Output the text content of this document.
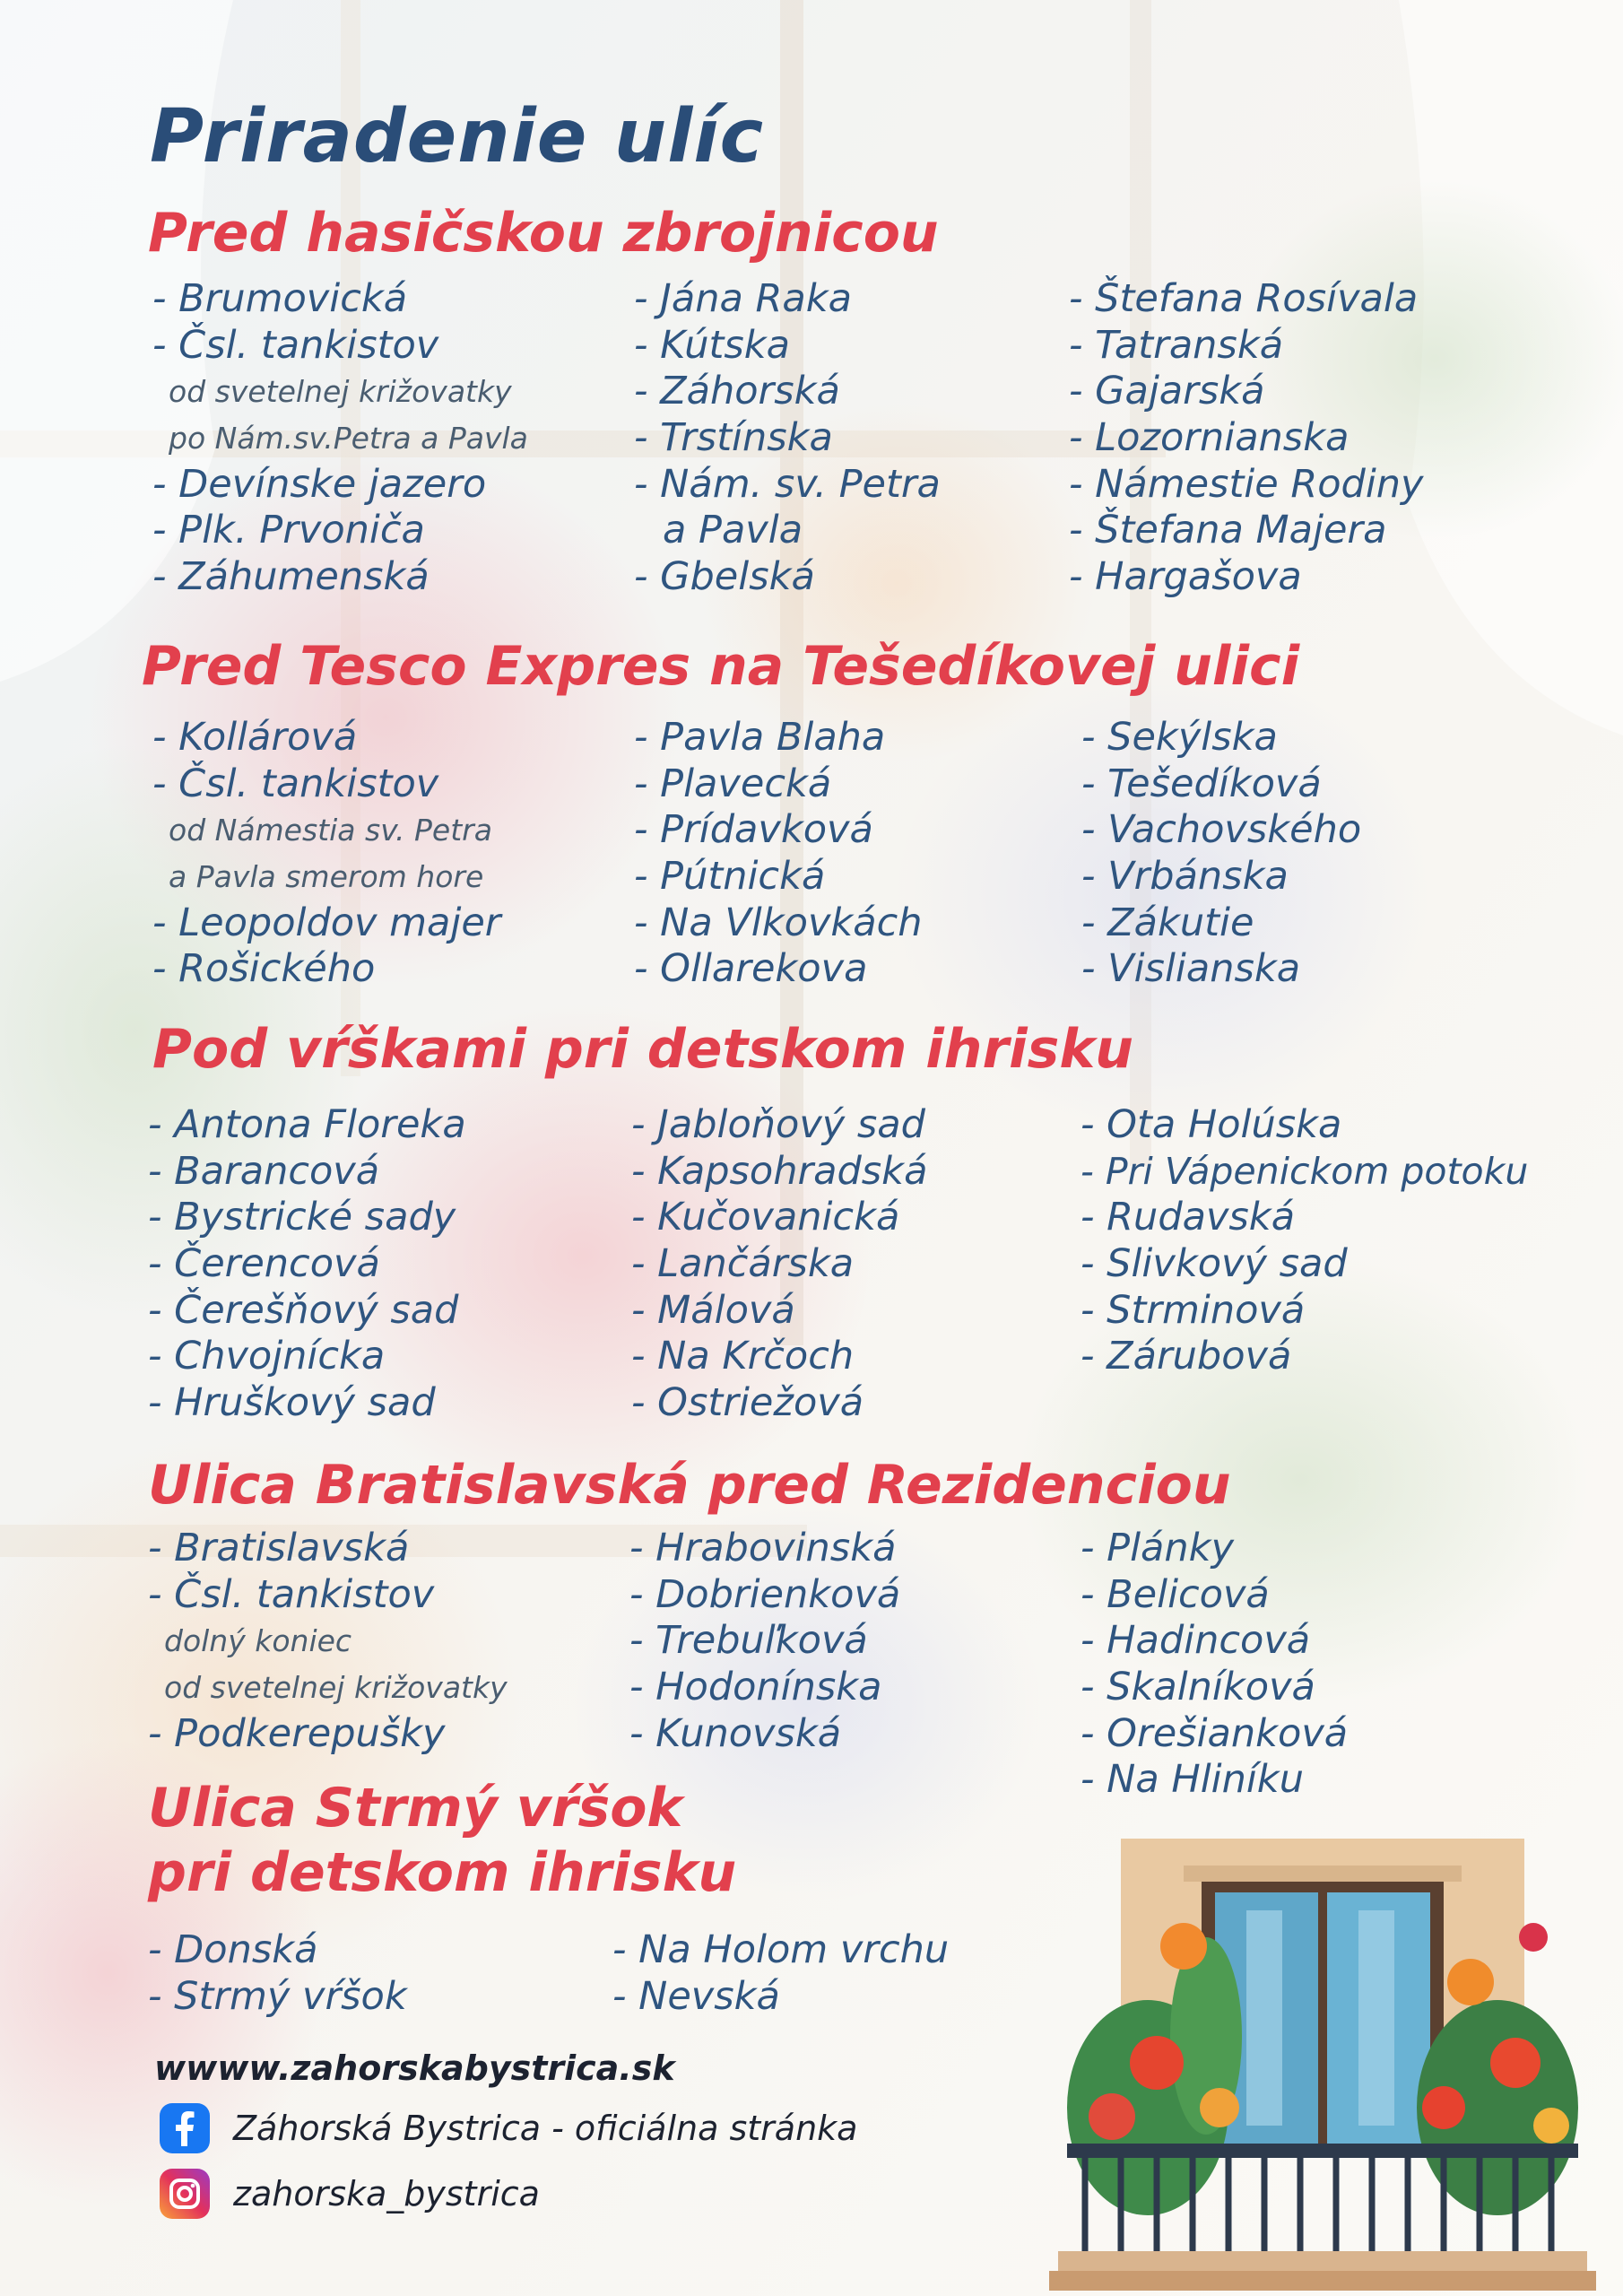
Priradenie ulíc
Pred hasičskou zbrojnicou
- Brumovická
- Čsl. tankistov
od svetelnej križovatky
po Nám.sv.Petra a Pavla
- Devínske jazero
- Plk. Prvoniča
- Záhumenská
- Jána Raka
- Kútska
- Záhorská
- Trstínska
- Nám. sv. Petra
a Pavla
- Gbelská
- Štefana Rosívala
- Tatranská
- Gajarská
- Lozornianska
- Námestie Rodiny
- Štefana Majera
- Hargašova
Pred Tesco Expres na Tešedíkovej ulici
- Kollárová
- Čsl. tankistov
od Námestia sv. Petra
a Pavla smerom hore
- Leopoldov majer
- Rošického
- Pavla Blaha
- Plavecká
- Prídavková
- Pútnická
- Na Vlkovkách
- Ollarekova
- Sekýlska
- Tešedíková
- Vachovského
- Vrbánska
- Zákutie
- Vislianska
Pod vŕškami pri detskom ihrisku
- Antona Floreka
- Barancová
- Bystrické sady
- Čerencová
- Čerešňový sad
- Chvojnícka
- Hruškový sad
- Jabloňový sad
- Kapsohradská
- Kučovanická
- Lančárska
- Málová
- Na Krčoch
- Ostriežová
- Ota Holúska
- Pri Vápenickom potoku
- Rudavská
- Slivkový sad
- Strminová
- Zárubová
Ulica Bratislavská pred Rezidenciou
- Bratislavská
- Čsl. tankistov
dolný koniec
od svetelnej križovatky
- Podkerepušky
- Hrabovinská
- Dobrienková
- Trebuľková
- Hodonínska
- Kunovská
- Plánky
- Belicová
- Hadincová
- Skalníková
- Orešianková
- Na Hliníku
Ulica Strmý vŕšok
pri detskom ihrisku
- Donská
- Strmý vŕšok
- Na Holom vrchu
- Nevská
wwww.zahorskabystrica.sk
Záhorská Bystrica - oficiálna stránka
zahorska_bystrica
